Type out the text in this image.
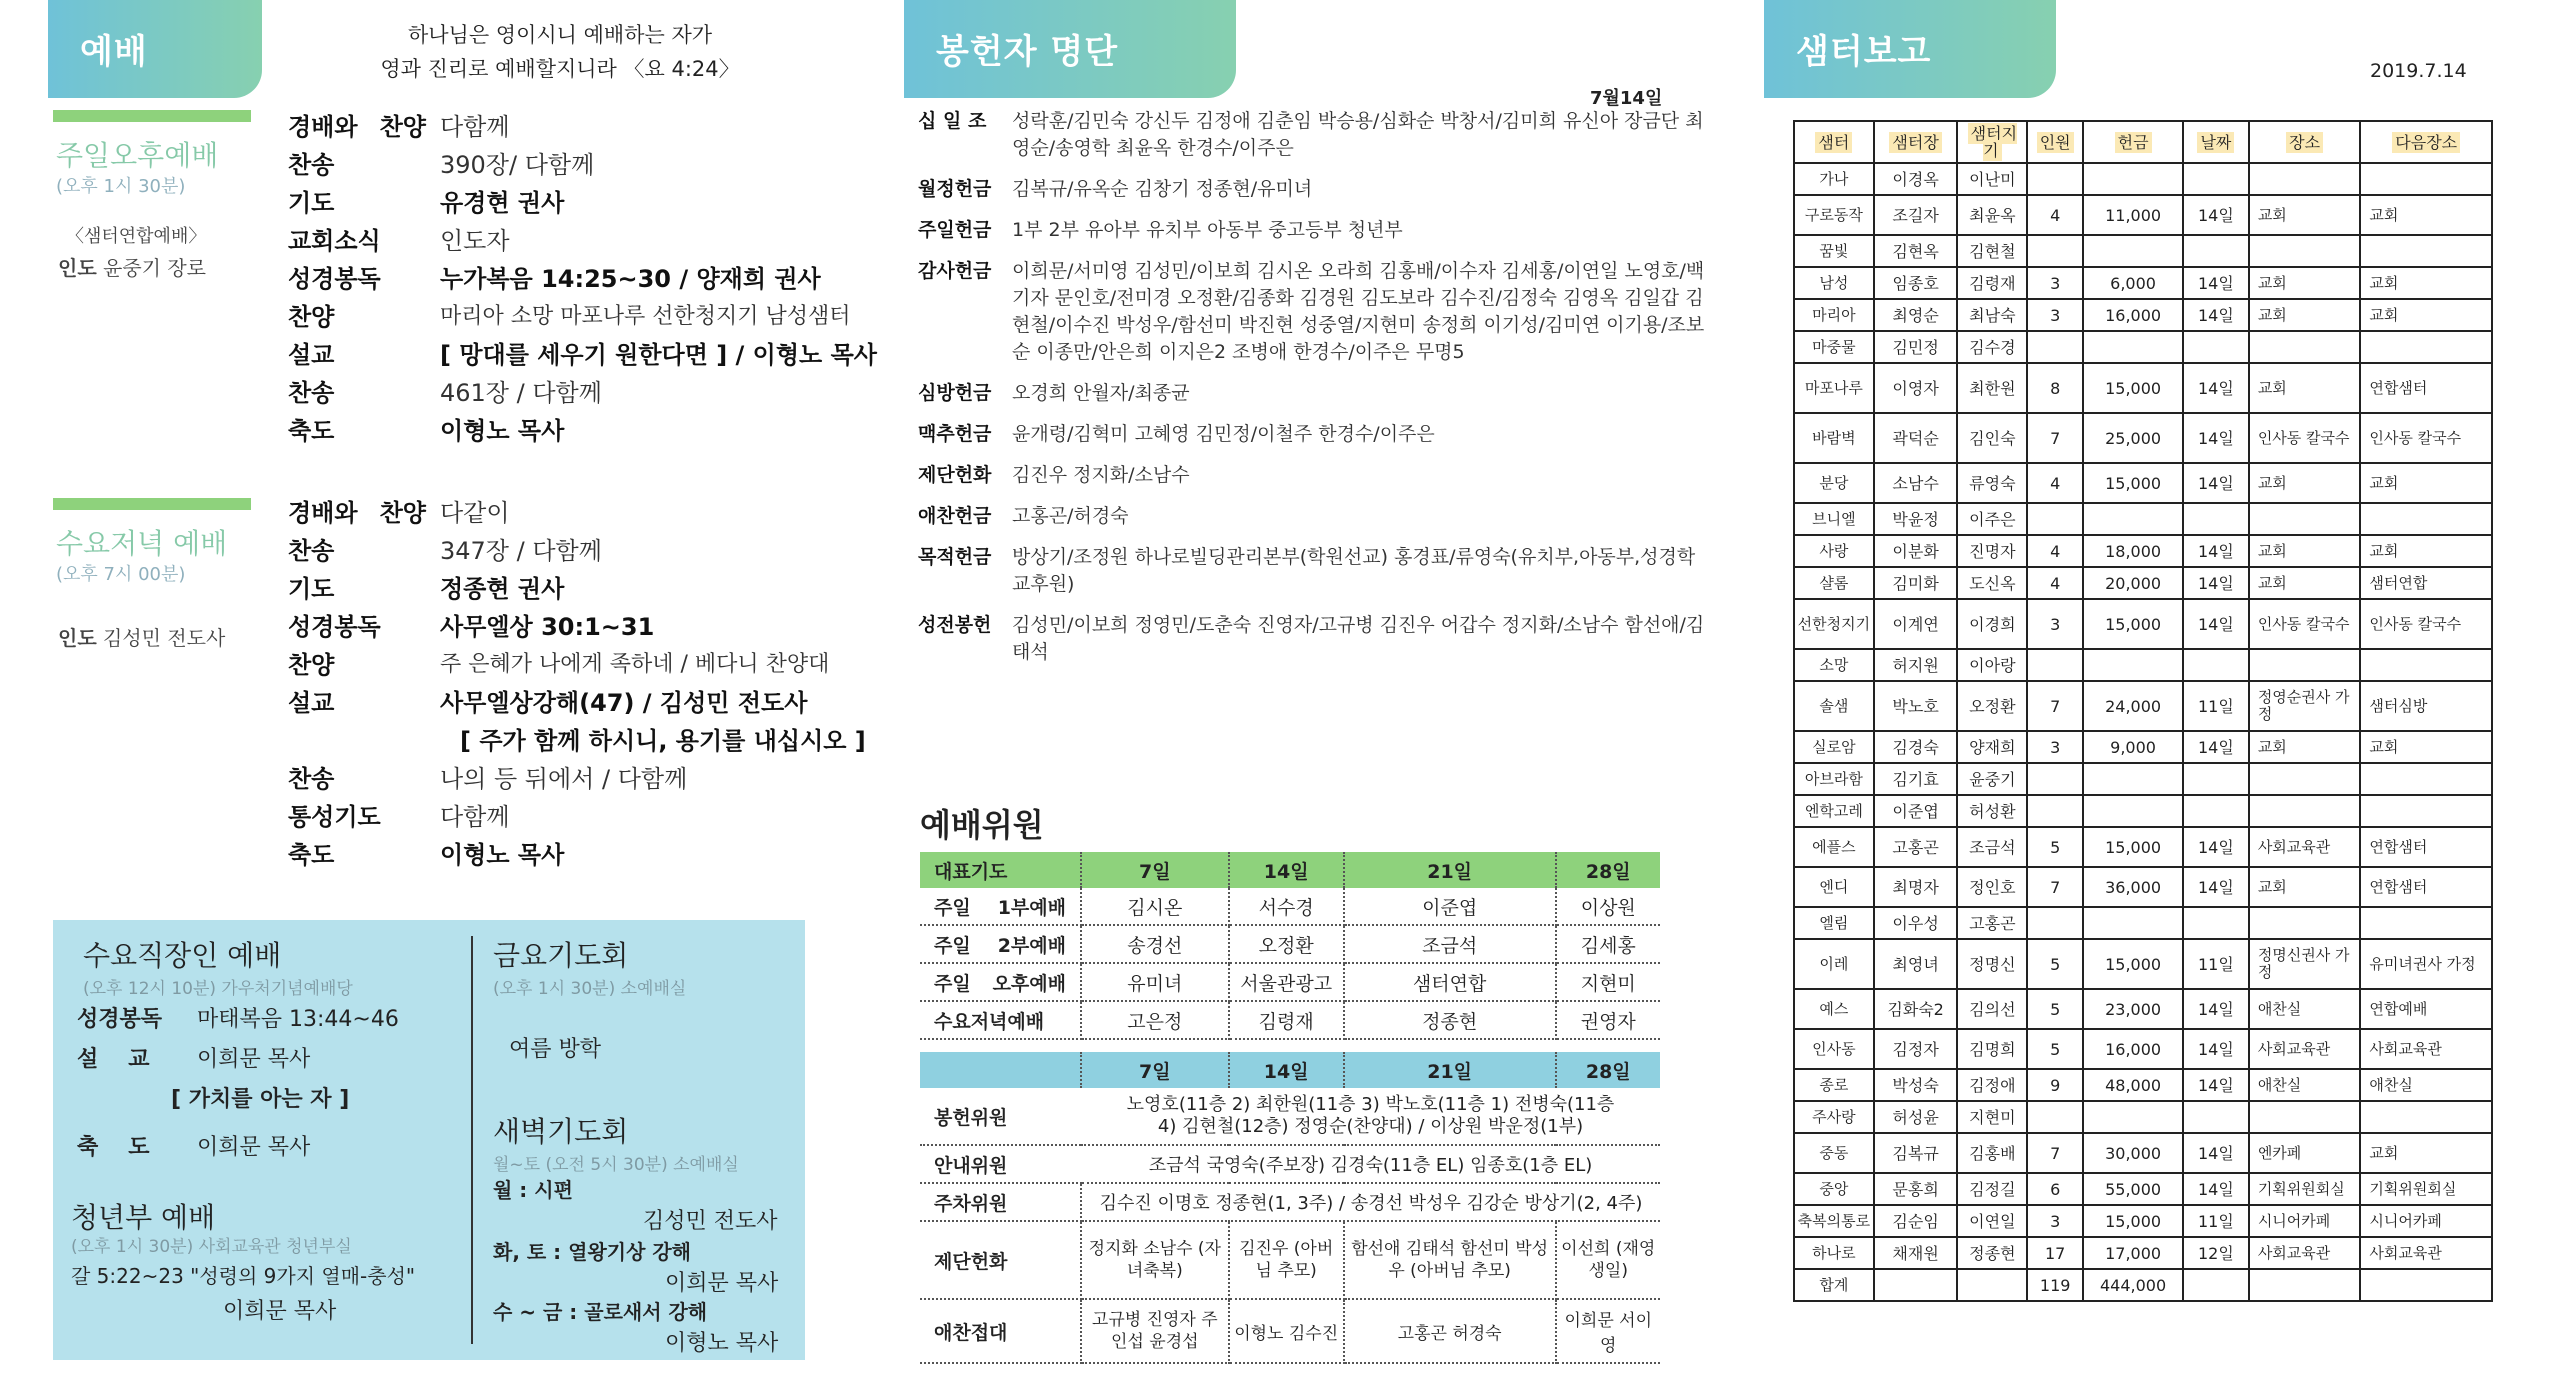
예배	하나님은 영이시니 예배하는 자가
영과 진리로 예배할지니라 〈요 4:24〉
주일오후예배
(오후 1시 30분)
〈샘터연합예배〉
인도 윤중기 장로
경배와 찬양 다함께
찬송	390장/ 다함께
기도	유경현 권사
교회소식	인도자
성경봉독	누가복음 14:25~30 / 양재희 권사
찬양	마리아 소망 마포나루 선한청지기 남성샘터
설교	[ 망대를 세우기 원한다면 ] / 이형노 목사
찬송	461장 / 다함께
축도	이형노 목사
수요저녁 예배
(오후 7시 00분)
인도 김성민 전도사
경배와 찬양 다같이
찬송	347장 / 다함께
기도	정종현 권사
성경봉독	사무엘상 30:1~31
찬양	주 은혜가 나에게 족하네 / 베다니 찬양대
설교	사무엘상강해(47) / 김성민 전도사
[ 주가 함께 하시니, 용기를 내십시오 ]
찬송	나의 등 뒤에서 / 다함께
통성기도	다함께
축도	이형노 목사
수요직장인 예배
(오후 12시 10분) 가우처기념예배당
성경봉독 마태복음 13:44~46
설교 이희문 목사
[ 가치를 아는 자 ]
축도 이희문 목사
청년부 예배
(오후 1시 30분) 사회교육관 청년부실
갈 5:22~23 "성령의 9가지 열매-충성"
이희문 목사
금요기도회
(오후 1시 30분) 소예배실
여름 방학
새벽기도회
월~토 (오전 5시 30분) 소예배실
월 : 시편
김성민 전도사
화, 토 : 열왕기상 강해
이희문 목사
수 ~ 금 : 골로새서 강해
이형노 목사
봉헌자 명단
7월14일
십 일 조	성락훈/김민숙 강신두 김정애 김춘임 박승용/심화순 박창서/김미희 유신아 장금단 최영순/송영학 최윤옥 한경수/이주은
월정헌금	김복규/유옥순 김창기 정종현/유미녀
주일헌금	1부 2부 유아부 유치부 아동부 중고등부 청년부
감사헌금	이희문/서미영 김성민/이보희 김시온 오라희 김홍배/이수자 김세홍/이연일 노영호/백기자 문인호/전미경 오정환/김종화 김경원 김도보라 김수진/김정숙 김영옥 김일갑 김현철/이수진 박성우/함선미 박진현 성중열/지현미 송정희 이기성/김미연 이기용/조보순 이종만/안은희 이지은2 조병애 한경수/이주은 무명5
심방헌금	오경희 안월자/최종균
맥추헌금	윤개령/김혁미 고혜영 김민정/이철주 한경수/이주은
제단헌화	김진우 정지화/소남수
애찬헌금	고홍곤/허경숙
목적헌금	방상기/조정원 하나로빌딩관리본부(학원선교) 홍경표/류영숙(유치부,아동부,성경학교후원)
성전봉헌	김성민/이보희 정영민/도춘숙 진영자/고규병 김진우 어갑수 정지화/소남수 함선애/김태석
예배위원
대표기도	7일	14일	21일	28일
주일 1부예배	김시온	서수경	이준엽	이상원
주일 2부예배	송경선	오정환	조금석	김세홍
주일 오후예배	유미녀	서울관광고	샘터연합	지현미
수요저녁예배	고은정	김령재	정종현	권영자

	7일	14일	21일	28일
봉헌위원	노영호(11층 2) 최한원(11층 3) 박노호(11층 1) 전병숙(11층 4) 김현철(12층) 정영순(찬양대) / 이상원 박운정(1부)			
안내위원	조금석 국영숙(주보장) 김경숙(11층 EL) 임종호(1층 EL)			
주차위원	김수진 이명호 정종현(1, 3주) / 송경선 박성우 김강순 방상기(2, 4주)			
제단헌화	정지화 소남수 (자녀축복)	김진우 (아버님 추모)	함선애 김태석 함선미 박성우 (아버님 추모)	이선희 (재영 생일)
애찬접대	고규병 진영자 주인섭 윤경섭	이형노 김수진	고홍곤 허경숙	이희문 서이영
샘터보고	2019.7.14
샘터	샘터장	샘터지기	인원	헌금	날짜	장소	다음장소
가나	이경옥	이난미					
구로동작	조길자	최윤옥	4	11,000	14일	교회	교회
꿈빛	김현옥	김현철					
남성	임종호	김령재	3	6,000	14일	교회	교회
마리아	최영순	최남숙	3	16,000	14일	교회	교회
마중물	김민정	김수경					
마포나루	이영자	최한원	8	15,000	14일	교회	연합샘터
바람벽	곽덕순	김인숙	7	25,000	14일	인사동 칼국수	인사동 칼국수
분당	소남수	류영숙	4	15,000	14일	교회	교회
브니엘	박윤정	이주은					
사랑	이분화	진명자	4	18,000	14일	교회	교회
샬롬	김미화	도신옥	4	20,000	14일	교회	샘터연합
선한청지기	이계연	이경희	3	15,000	14일	인사동 칼국수	인사동 칼국수
소망	허지원	이아랑					
솔샘	박노호	오정환	7	24,000	11일	정영순권사 가정	샘터심방
실로암	김경숙	양재희	3	9,000	14일	교회	교회
아브라함	김기효	윤중기					
엔학고레	이준엽	허성환					
에플스	고홍곤	조금석	5	15,000	14일	사회교육관	연합샘터
엔디	최명자	정인호	7	36,000	14일	교회	연합샘터
엘림	이우성	고홍곤					
이레	최영녀	정명신	5	15,000	11일	정명신권사 가정	유미녀권사 가정
예스	김화숙2	김의선	5	23,000	14일	애찬실	연합예배
인사동	김정자	김명희	5	16,000	14일	사회교육관	사회교육관
종로	박성숙	김정애	9	48,000	14일	애찬실	애찬실
주사랑	허성윤	지현미					
중동	김복규	김홍배	7	30,000	14일	엔카페	교회
중앙	문홍희	김정길	6	55,000	14일	기획위원회실	기획위원회실
축복의통로	김순임	이연일	3	15,000	11일	시니어카페	시니어카페
하나로	채재원	정종현	17	17,000	12일	사회교육관	사회교육관
합계			119	444,000			
